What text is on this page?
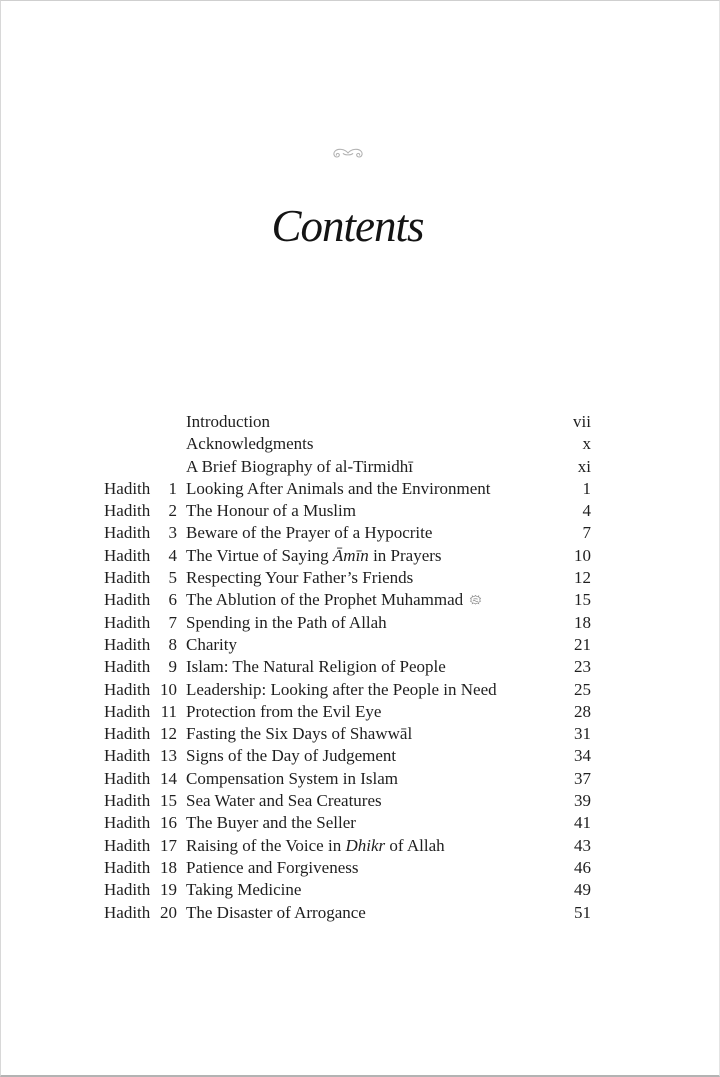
Contents
Introduction	vii
Acknowledgments	x
A Brief Biography of al-Tirmidhī	xi
Hadith	1 Looking After Animals and the Environment	1
Hadith	2 The Honour of a Muslim	4
Hadith	3 Beware of the Prayer of a Hypocrite	7
Hadith	4 The Virtue of Saying Āmīn in Prayers	10
Hadith	5 Respecting Your Father’s Friends	12
Hadith	6 The Ablution of the Prophet Muhammad	15
Hadith	7 Spending in the Path of Allah	18
Hadith	8 Charity	21
Hadith	9 Islam: The Natural Religion of People	23
Hadith 10 Leadership: Looking after the People in Need	25
Hadith 11 Protection from the Evil Eye	28
Hadith 12 Fasting the Six Days of Shawwāl	31
Hadith 13 Signs of the Day of Judgement	34
Hadith 14 Compensation System in Islam	37
Hadith 15 Sea Water and Sea Creatures	39
Hadith 16 The Buyer and the Seller	41
Hadith 17 Raising of the Voice in Dhikr of Allah	43
Hadith 18 Patience and Forgiveness	46
Hadith 19 Taking Medicine	49
Hadith 20 The Disaster of Arrogance	51
